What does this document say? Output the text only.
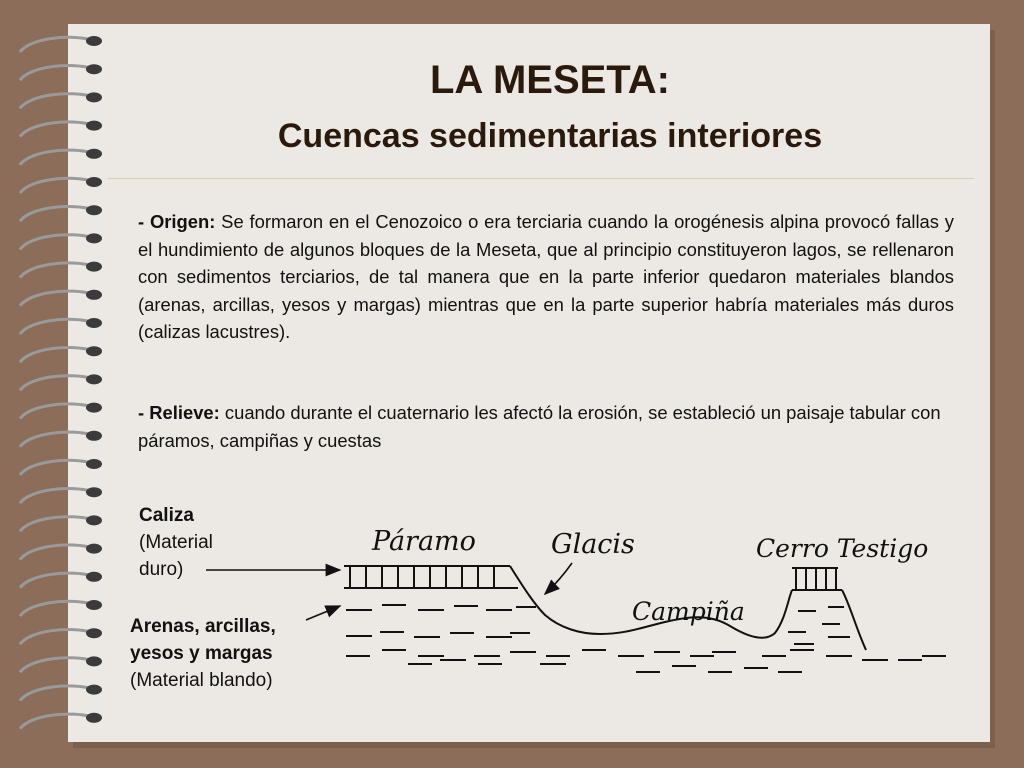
LA MESETA:
Cuencas sedimentarias interiores
- Origen: Se formaron en el Cenozoico o era terciaria cuando la orogénesis alpina provocó fallas y el hundimiento de algunos bloques de la Meseta, que al principio constituyeron lagos, se rellenaron con sedimentos terciarios, de tal manera que en la parte inferior quedaron materiales blandos (arenas, arcillas, yesos y margas) mientras que en la parte superior habría materiales más duros (calizas lacustres).
- Relieve: cuando durante el cuaternario les afectó la erosión, se estableció un paisaje tabular con páramos, campiñas y cuestas
Caliza
(Material
duro)
Arenas, arcillas,
yesos y margas
(Material blando)
Páramo	Glacis
Campiña
Cerro Testigo
